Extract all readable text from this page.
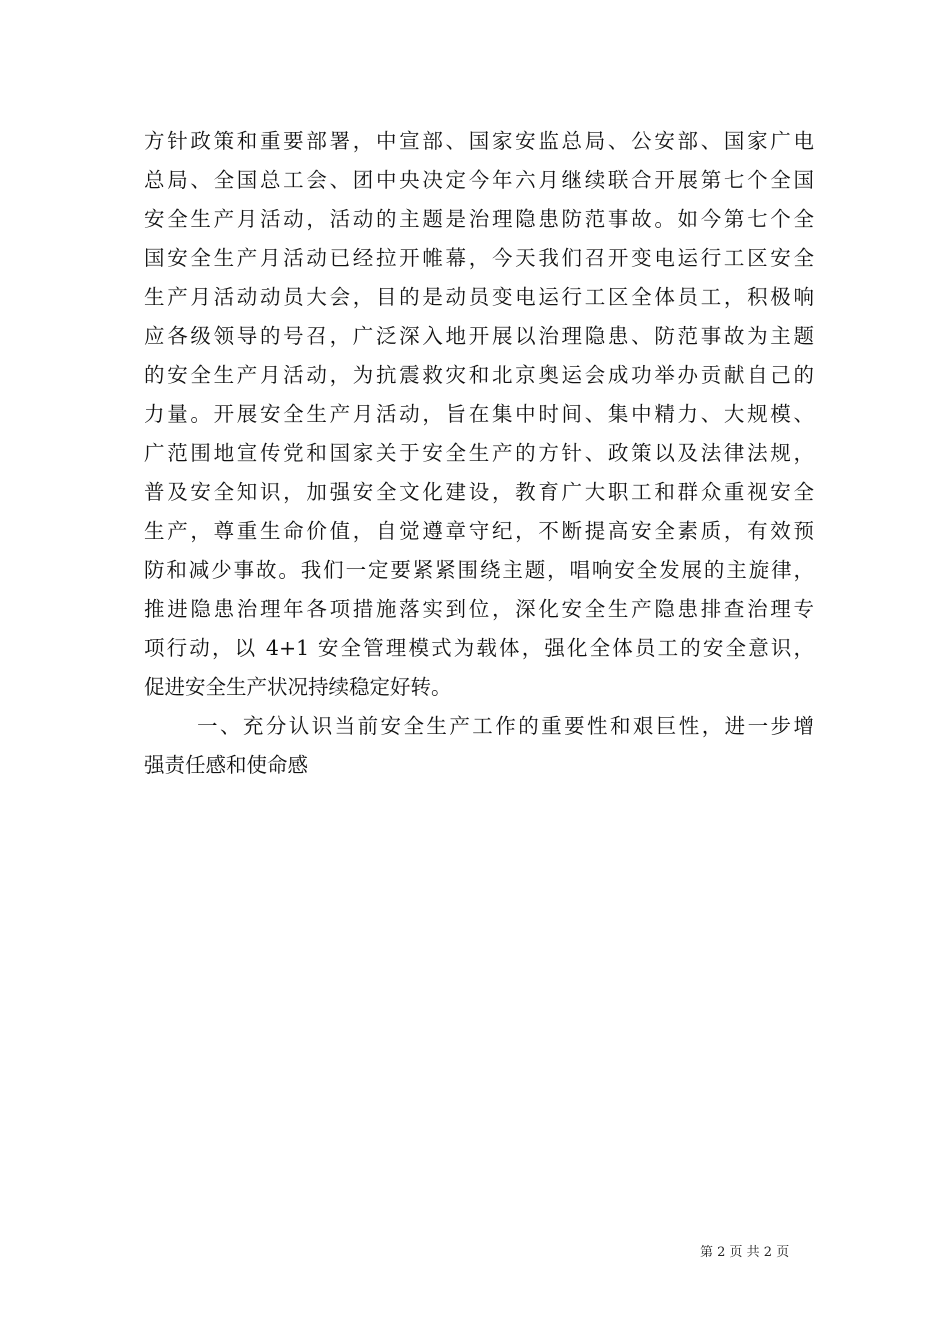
方针政策和重要部署，中宣部、国家安监总局、公安部、国家广电
总局、全国总工会、团中央决定今年六月继续联合开展第七个全国
安全生产月活动，活动的主题是治理隐患防范事故。如今第七个全
国安全生产月活动已经拉开帷幕，今天我们召开变电运行工区安全
生产月活动动员大会，目的是动员变电运行工区全体员工，积极响
应各级领导的号召，广泛深入地开展以治理隐患、防范事故为主题
的安全生产月活动，为抗震救灾和北京奥运会成功举办贡献自己的
力量。开展安全生产月活动，旨在集中时间、集中精力、大规模、
广范围地宣传党和国家关于安全生产的方针、政策以及法律法规，
普及安全知识，加强安全文化建设，教育广大职工和群众重视安全
生产，尊重生命价值，自觉遵章守纪，不断提高安全素质，有效预
防和减少事故。我们一定要紧紧围绕主题，唱响安全发展的主旋律，
推进隐患治理年各项措施落实到位，深化安全生产隐患排查治理专
项行动，以 4+1 安全管理模式为载体，强化全体员工的安全意识，
促进安全生产状况持续稳定好转。
一、充分认识当前安全生产工作的重要性和艰巨性，进一步增
强责任感和使命感
第 2 页 共 2 页
